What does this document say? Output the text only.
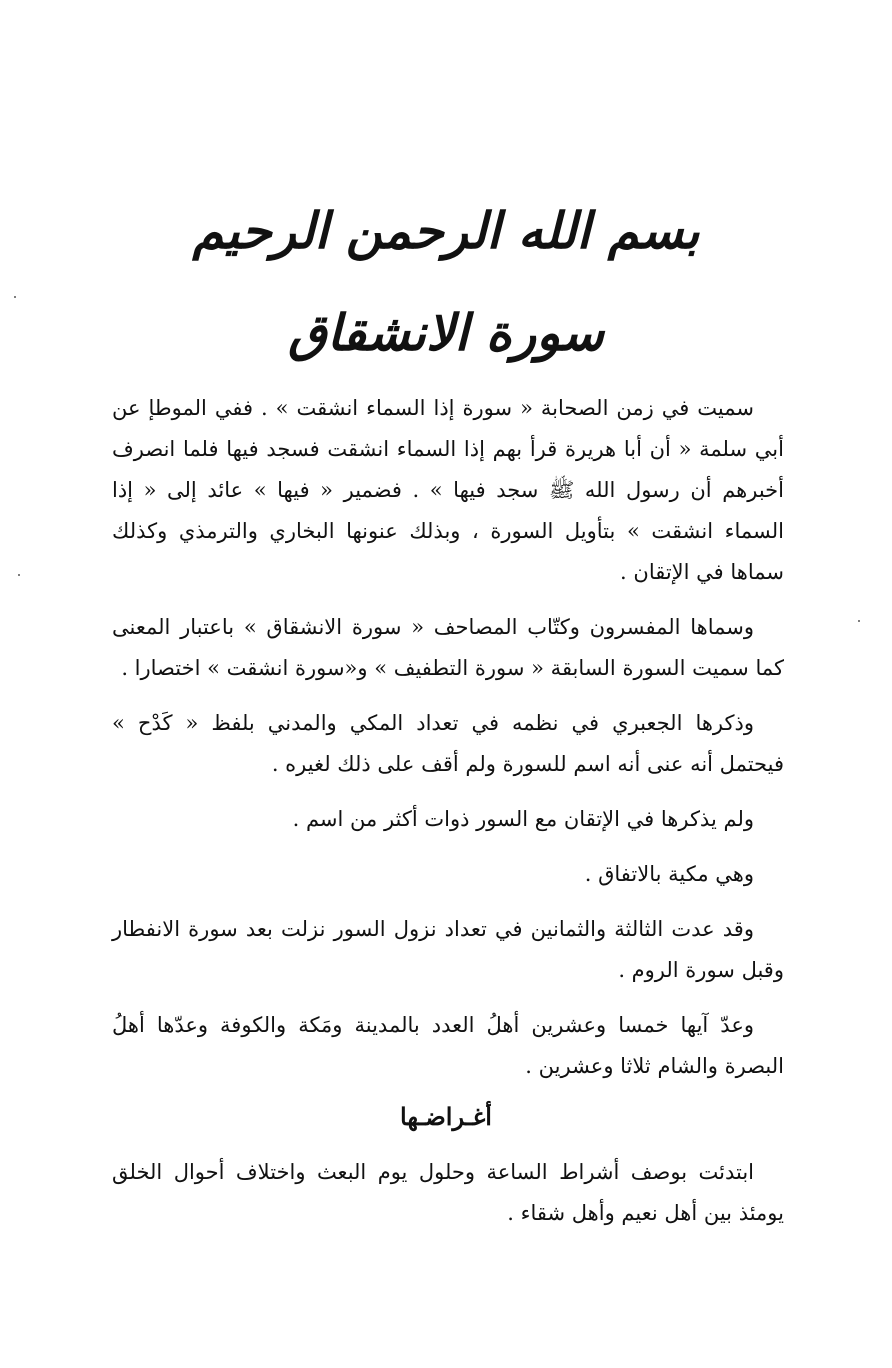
بسم الله الرحمن الرحيم
سورة الانشقاق

سميت في زمن الصحابة « سورة إذا السماء انشقت » . ففي الموطإ عن أبي سلمة « أن أبا هريرة قرأ بهم إذا السماء انشقت فسجد فيها فلما انصرف أخبرهم أن رسول الله ﷺ سجد فيها » . فضمير « فيها » عائد إلى « إذا السماء انشقت » بتأويل السورة ، وبذلك عنونها البخاري والترمذي وكذلك سماها في الإتقان .

وسماها المفسرون وكتّاب المصاحف « سورة الانشقاق » باعتبار المعنى كما سميت السورة السابقة « سورة التطفيف » و«سورة انشقت » اختصارا .

وذكرها الجعبري في نظمه في تعداد المكي والمدني بلفظ « كَدْح » فيحتمل أنه عنى أنه اسم للسورة ولم أقف على ذلك لغيره .

ولم يذكرها في الإتقان مع السور ذوات أكثر من اسم .

وهي مكية بالاتفاق .

وقد عدت الثالثة والثمانين في تعداد نزول السور نزلت بعد سورة الانفطار وقبل سورة الروم .

وعدّ آيها خمسا وعشرين أهلُ العدد بالمدينة ومَكة والكوفة وعدّها أهلُ البصرة والشام ثلاثا وعشرين .

أغـراضـها

ابتدئت بوصف أشراط الساعة وحلول يوم البعث واختلاف أحوال الخلق يومئذ بين أهل نعيم وأهل شقاء .
